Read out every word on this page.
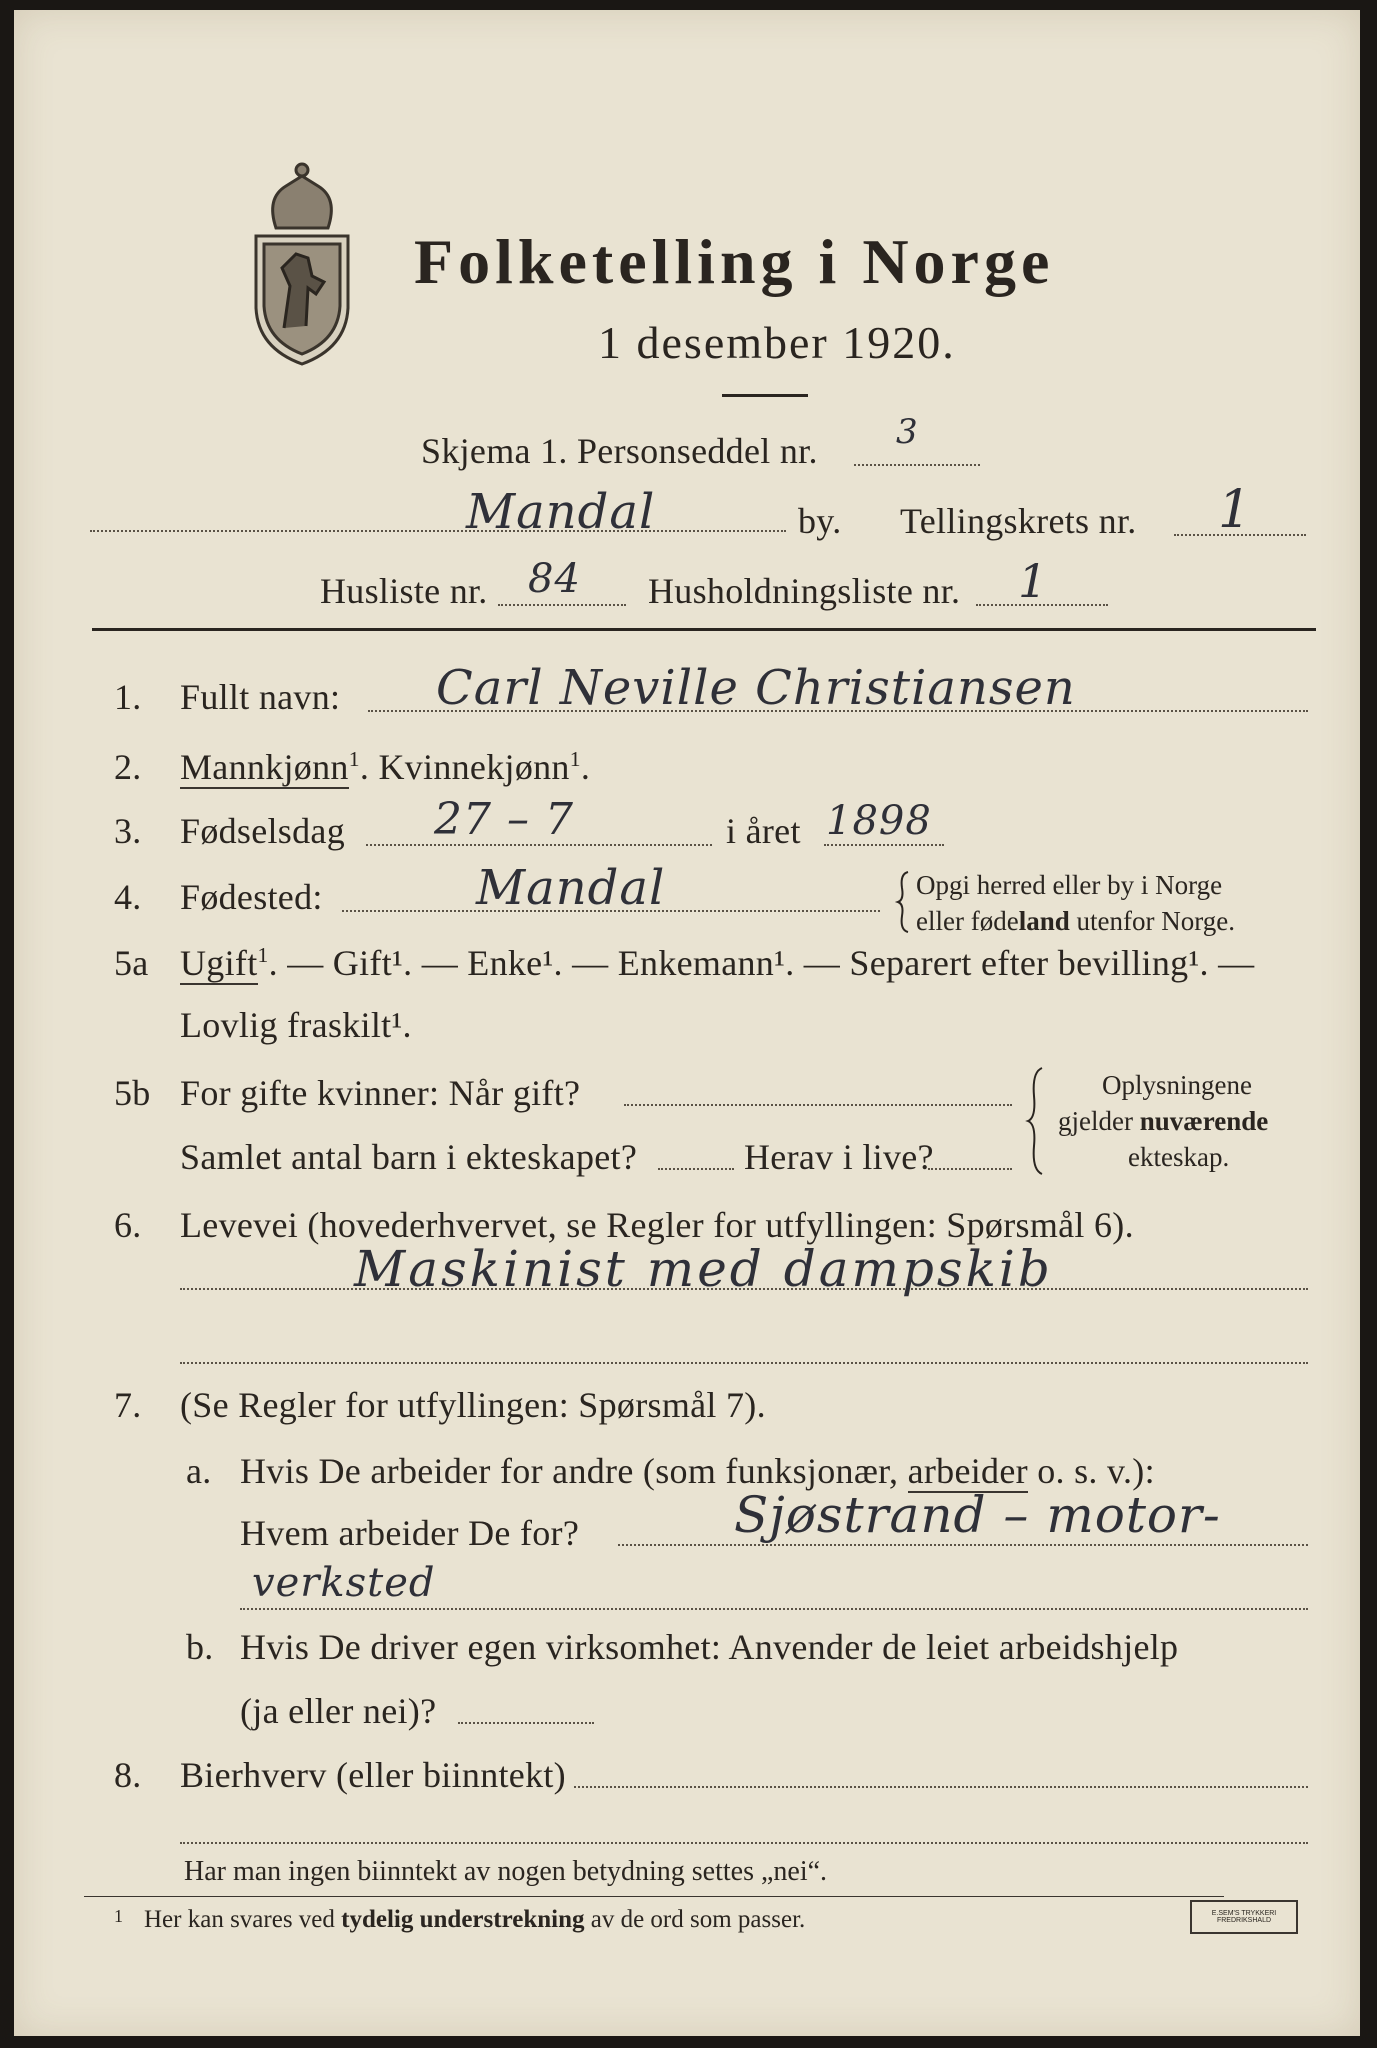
Folketelling i Norge
1 desember 1920.
Skjema 1. Personseddel nr. 3
Mandal	by. Tellingskrets nr. 1
Husliste nr. 84 Husholdningsliste nr. 1
1. Fullt navn: Carl Neville Christiansen
2. Mannkjønn$^1$. Kvinnekjønn$^1$.
3. Fødselsdag 27 – 7	i året 1898
4. Fødested:	Mandal	Opgi herred eller by i Norge
eller fødeland utenfor Norge.
5a Ugift$^1$. — Gift¹. — Enke¹. — Enkemann¹. — Separert efter bevilling¹. —
Lovlig fraskilt¹.
5b For gifte kvinner: Når gift?
Samlet antal barn i ekteskapet?	Herav i live?
Oplysningene
gjelder nuværende
ekteskap.
6. Levevei (hovederhvervet, se Regler for utfyllingen: Spørsmål 6).
Maskinist med dampskib
7. (Se Regler for utfyllingen: Spørsmål 7).
a. Hvis De arbeider for andre (som funksjonær, arbeider o. s. v.):
Hvem arbeider De for?	Sjøstrand – motor-
verksted
b. Hvis De driver egen virksomhet: Anvender de leiet arbeidshjelp
(ja eller nei)?
8. Bierhverv (eller biinntekt)
Har man ingen biinntekt av nogen betydning settes „nei“.
1 Her kan svares ved tydelig understrekning av de ord som passer.	E.SEM'S TRYKKERI
FREDRIKSHALD
